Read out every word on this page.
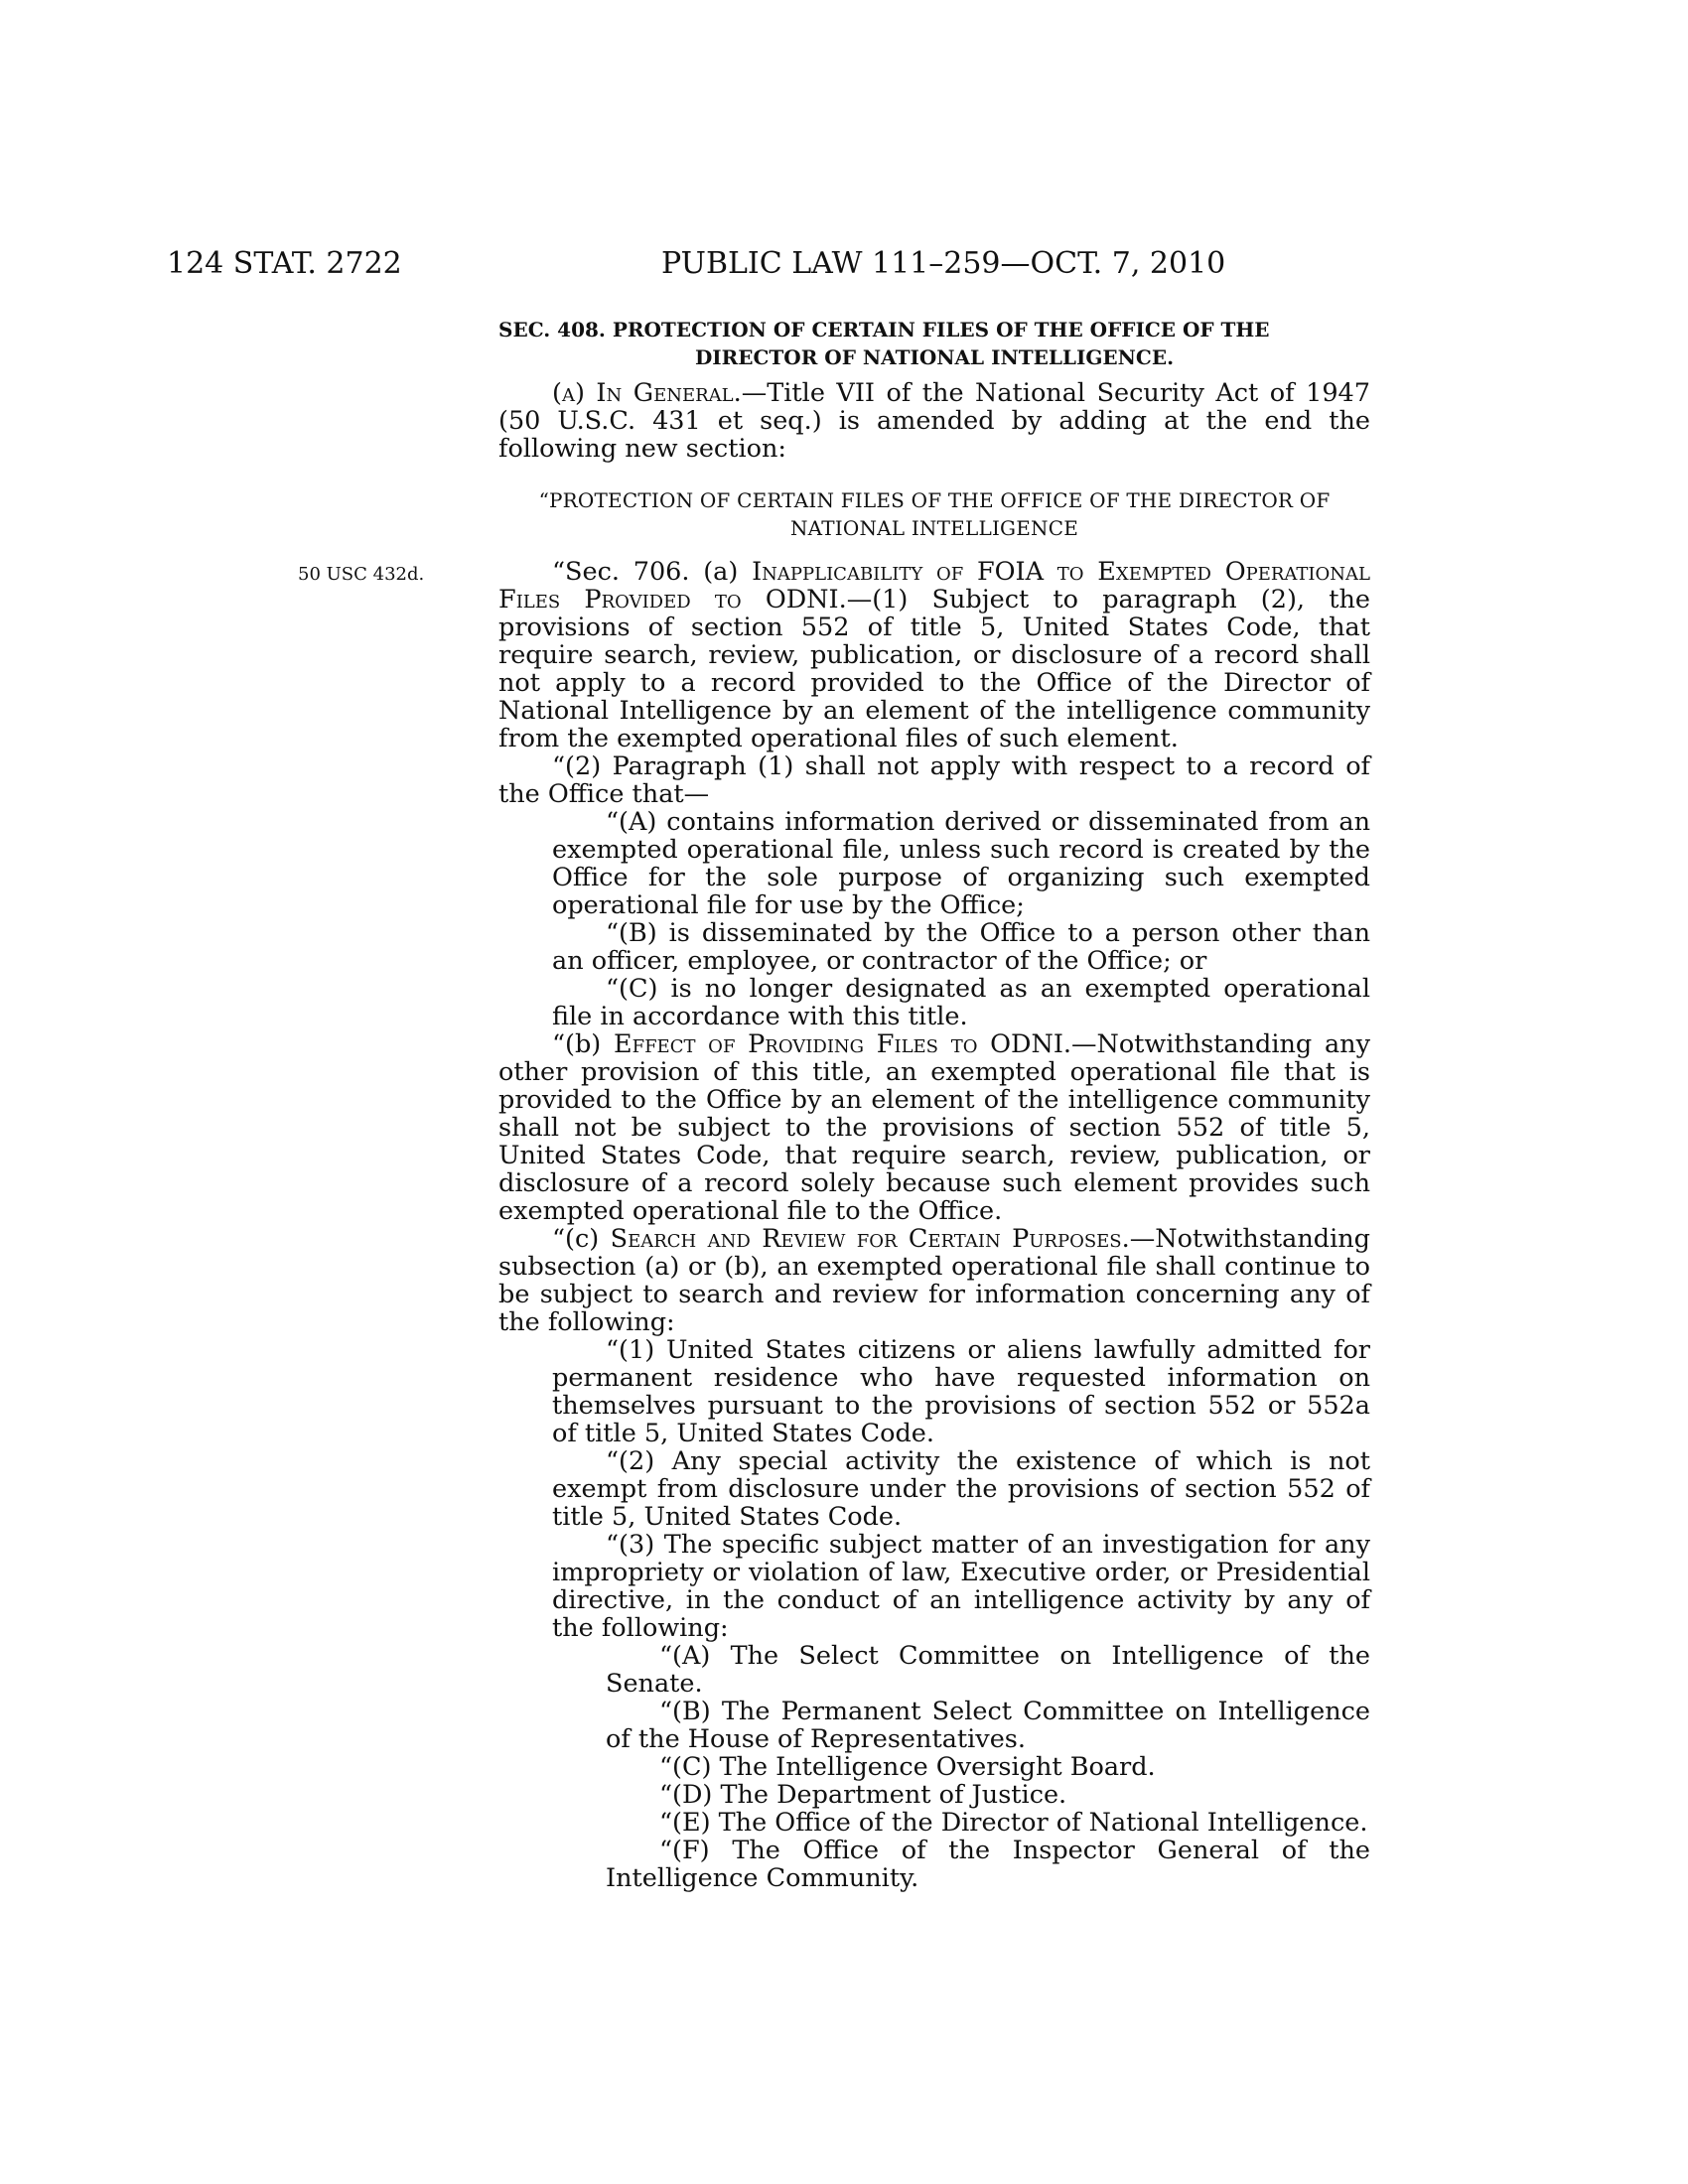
124 STAT. 2722	PUBLIC LAW 111–259—OCT. 7, 2010
SEC. 408. PROTECTION OF CERTAIN FILES OF THE OFFICE OF THE
DIRECTOR OF NATIONAL INTELLIGENCE.

(a) In General.—Title VII of the National Security Act of 1947 (50 U.S.C. 431 et seq.) is amended by adding at the end the following new section:

“PROTECTION OF CERTAIN FILES OF THE OFFICE OF THE DIRECTOR OF
NATIONAL INTELLIGENCE
50 USC 432d.	“Sec. 706. (a) Inapplicability of FOIA to Exempted Operational Files Provided to ODNI.—(1) Subject to paragraph (2), the provisions of section 552 of title 5, United States Code, that require search, review, publication, or disclosure of a record shall not apply to a record provided to the Office of the Director of National Intelligence by an element of the intelligence community from the exempted operational files of such element.

“(2) Paragraph (1) shall not apply with respect to a record of the Office that—

“(A) contains information derived or disseminated from an exempted operational file, unless such record is created by the Office for the sole purpose of organizing such exempted operational file for use by the Office;

“(B) is disseminated by the Office to a person other than an officer, employee, or contractor of the Office; or

“(C) is no longer designated as an exempted operational file in accordance with this title.

“(b) Effect of Providing Files to ODNI.—Notwithstanding any other provision of this title, an exempted operational file that is provided to the Office by an element of the intelligence community shall not be subject to the provisions of section 552 of title 5, United States Code, that require search, review, publication, or disclosure of a record solely because such element provides such exempted operational file to the Office.

“(c) Search and Review for Certain Purposes.—Notwithstanding subsection (a) or (b), an exempted operational file shall continue to be subject to search and review for information concerning any of the following:

“(1) United States citizens or aliens lawfully admitted for permanent residence who have requested information on themselves pursuant to the provisions of section 552 or 552a of title 5, United States Code.

“(2) Any special activity the existence of which is not exempt from disclosure under the provisions of section 552 of title 5, United States Code.

“(3) The specific subject matter of an investigation for any impropriety or violation of law, Executive order, or Presidential directive, in the conduct of an intelligence activity by any of the following:

“(A) The Select Committee on Intelligence of the Senate.

“(B) The Permanent Select Committee on Intelligence of the House of Representatives.

“(C) The Intelligence Oversight Board.

“(D) The Department of Justice.

“(E) The Office of the Director of National Intelligence.

“(F) The Office of the Inspector General of the Intelligence Community.
